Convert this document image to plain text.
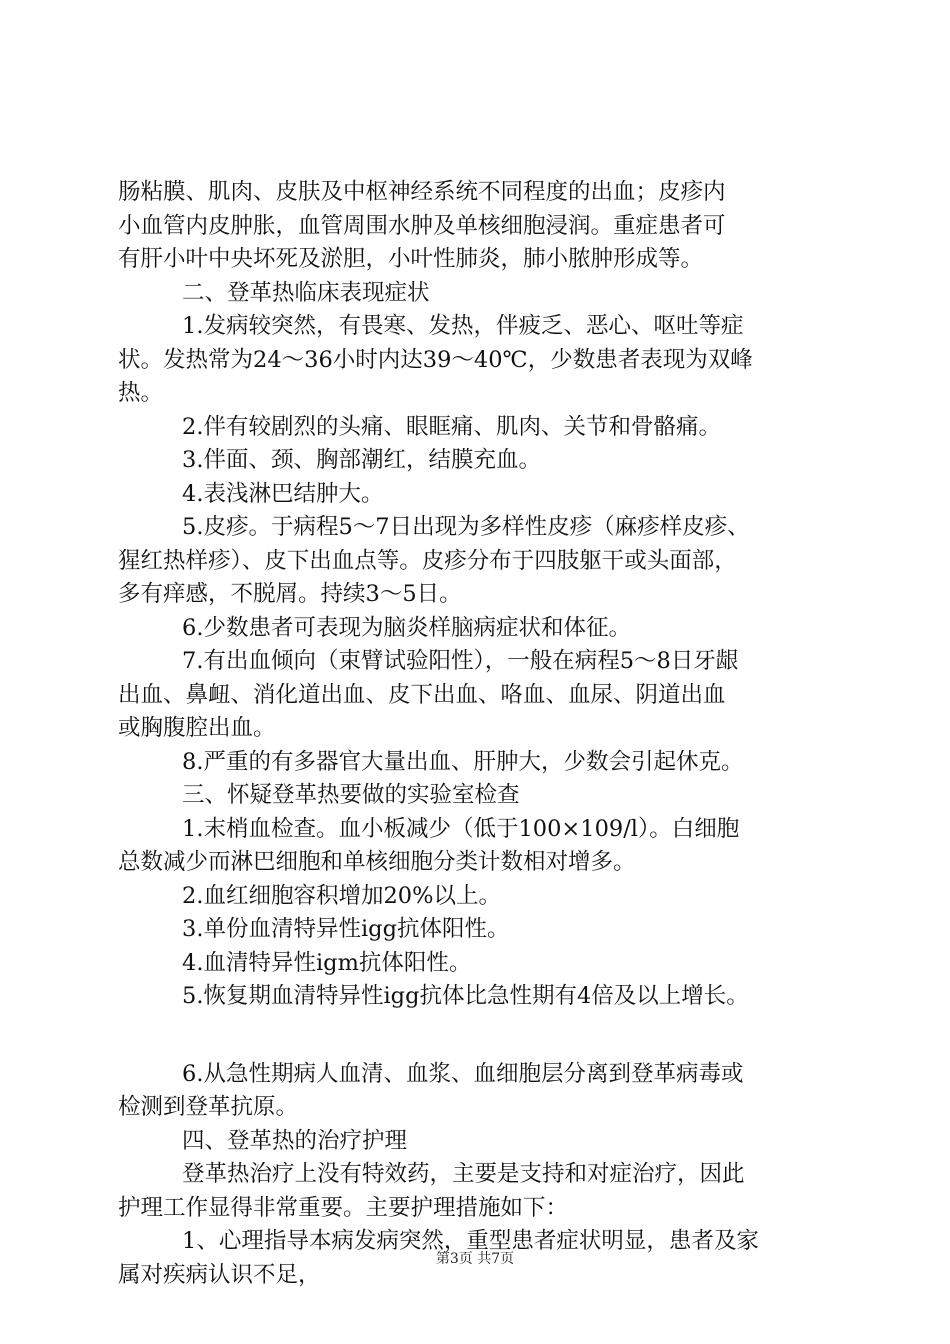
肠粘膜、肌肉、皮肤及中枢神经系统不同程度的出血；皮疹内
小血管内皮肿胀，血管周围水肿及单核细胞浸润。重症患者可
有肝小叶中央坏死及淤胆，小叶性肺炎，肺小脓肿形成等。
二、登革热临床表现症状
1.发病较突然，有畏寒、发热，伴疲乏、恶心、呕吐等症
状。发热常为24～36小时内达39～40℃，少数患者表现为双峰
热。
2.伴有较剧烈的头痛、眼眶痛、肌肉、关节和骨骼痛。
3.伴面、颈、胸部潮红，结膜充血。
4.表浅淋巴结肿大。
5.皮疹。于病程5～7日出现为多样性皮疹（麻疹样皮疹、
猩红热样疹）、皮下出血点等。皮疹分布于四肢躯干或头面部，
多有痒感，不脱屑。持续3～5日。
6.少数患者可表现为脑炎样脑病症状和体征。
7.有出血倾向（束臂试验阳性），一般在病程5～8日牙龈
出血、鼻衄、消化道出血、皮下出血、咯血、血尿、阴道出血
或胸腹腔出血。
8.严重的有多器官大量出血、肝肿大，少数会引起休克。
三、怀疑登革热要做的实验室检查
1.末梢血检查。血小板减少（低于100×109/l）。白细胞
总数减少而淋巴细胞和单核细胞分类计数相对增多。
2.血红细胞容积增加20%以上。
3.单份血清特异性igg抗体阳性。
4.血清特异性igm抗体阳性。
5.恢复期血清特异性igg抗体比急性期有4倍及以上增长。
6.从急性期病人血清、血浆、血细胞层分离到登革病毒或
检测到登革抗原。
四、登革热的治疗护理
登革热治疗上没有特效药，主要是支持和对症治疗，因此
护理工作显得非常重要。主要护理措施如下：
1、心理指导本病发病突然，重型患者症状明显，患者及家
属对疾病认识不足，
第3页 共7页
